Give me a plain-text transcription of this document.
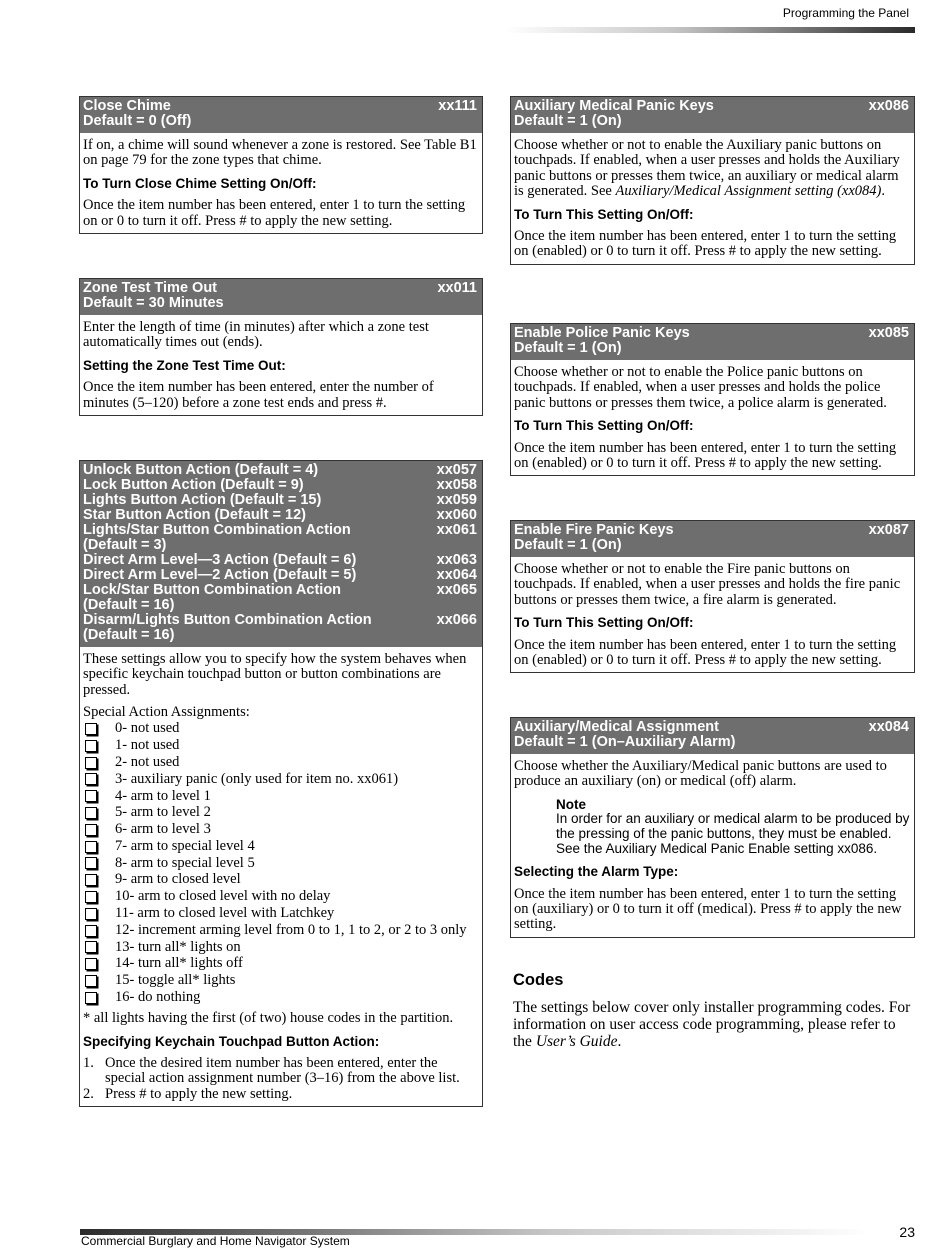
Programming the Panel
Close Chime	xx111
Default = 0 (Off)

If on, a chime will sound whenever a zone is restored. See Table B1 on page 79 for the zone types that chime.

To Turn Close Chime Setting On/Off:

Once the item number has been entered, enter 1 to turn the setting on or 0 to turn it off. Press # to apply the new setting.

Zone Test Time Out	xx011
Default = 30 Minutes

Enter the length of time (in minutes) after which a zone test automatically times out (ends).

Setting the Zone Test Time Out:

Once the item number has been entered, enter the number of minutes (5–120) before a zone test ends and press #.

Unlock Button Action (Default = 4)	xx057
Lock Button Action (Default = 9)	xx058
Lights Button Action (Default = 15)	xx059
Star Button Action (Default = 12)	xx060
Lights/Star Button Combination Action	xx061
(Default = 3)
Direct Arm Level—3 Action (Default = 6)	xx063
Direct Arm Level—2 Action (Default = 5)	xx064
Lock/Star Button Combination Action	xx065
(Default = 16)
Disarm/Lights Button Combination Action	xx066
(Default = 16)

These settings allow you to specify how the system behaves when specific keychain touchpad button or button combinations are pressed.

Special Action Assignments:
0- not used
1- not used
2- not used
3- auxiliary panic (only used for item no. xx061)
4- arm to level 1
5- arm to level 2
6- arm to level 3
7- arm to special level 4
8- arm to special level 5
9- arm to closed level
10- arm to closed level with no delay
11- arm to closed level with Latchkey
12- increment arming level from 0 to 1, 1 to 2, or 2 to 3 only
13- turn all* lights on
14- turn all* lights off
15- toggle all* lights
16- do nothing

* all lights having the first (of two) house codes in the partition.

Specifying Keychain Touchpad Button Action:
1. Once the desired item number has been entered, enter the special action assignment number (3–16) from the above list.
2. Press # to apply the new setting.
Auxiliary Medical Panic Keys	xx086
Default = 1 (On)

Choose whether or not to enable the Auxiliary panic buttons on touchpads. If enabled, when a user presses and holds the Auxiliary panic buttons or presses them twice, an auxiliary or medical alarm is generated. See Auxiliary/Medical Assignment setting (xx084).

To Turn This Setting On/Off:

Once the item number has been entered, enter 1 to turn the setting on (enabled) or 0 to turn it off. Press # to apply the new setting.

Enable Police Panic Keys	xx085
Default = 1 (On)

Choose whether or not to enable the Police panic buttons on touchpads. If enabled, when a user presses and holds the police panic buttons or presses them twice, a police alarm is generated.

To Turn This Setting On/Off:

Once the item number has been entered, enter 1 to turn the setting on (enabled) or 0 to turn it off. Press # to apply the new setting.

Enable Fire Panic Keys	xx087
Default = 1 (On)

Choose whether or not to enable the Fire panic buttons on touchpads. If enabled, when a user presses and holds the fire panic buttons or presses them twice, a fire alarm is generated.

To Turn This Setting On/Off:

Once the item number has been entered, enter 1 to turn the setting on (enabled) or 0 to turn it off. Press # to apply the new setting.

Auxiliary/Medical Assignment	xx084
Default = 1 (On–Auxiliary Alarm)

Choose whether the Auxiliary/Medical panic buttons are used to produce an auxiliary (on) or medical (off) alarm.

Note
In order for an auxiliary or medical alarm to be produced by the pressing of the panic buttons, they must be enabled. See the Auxiliary Medical Panic Enable setting xx086.
Selecting the Alarm Type:

Once the item number has been entered, enter 1 to turn the setting on (auxiliary) or 0 to turn it off (medical). Press # to apply the new setting.

Codes
The settings below cover only installer programming codes. For information on user access code programming, please refer to the User’s Guide.
Commercial Burglary and Home Navigator System
23
